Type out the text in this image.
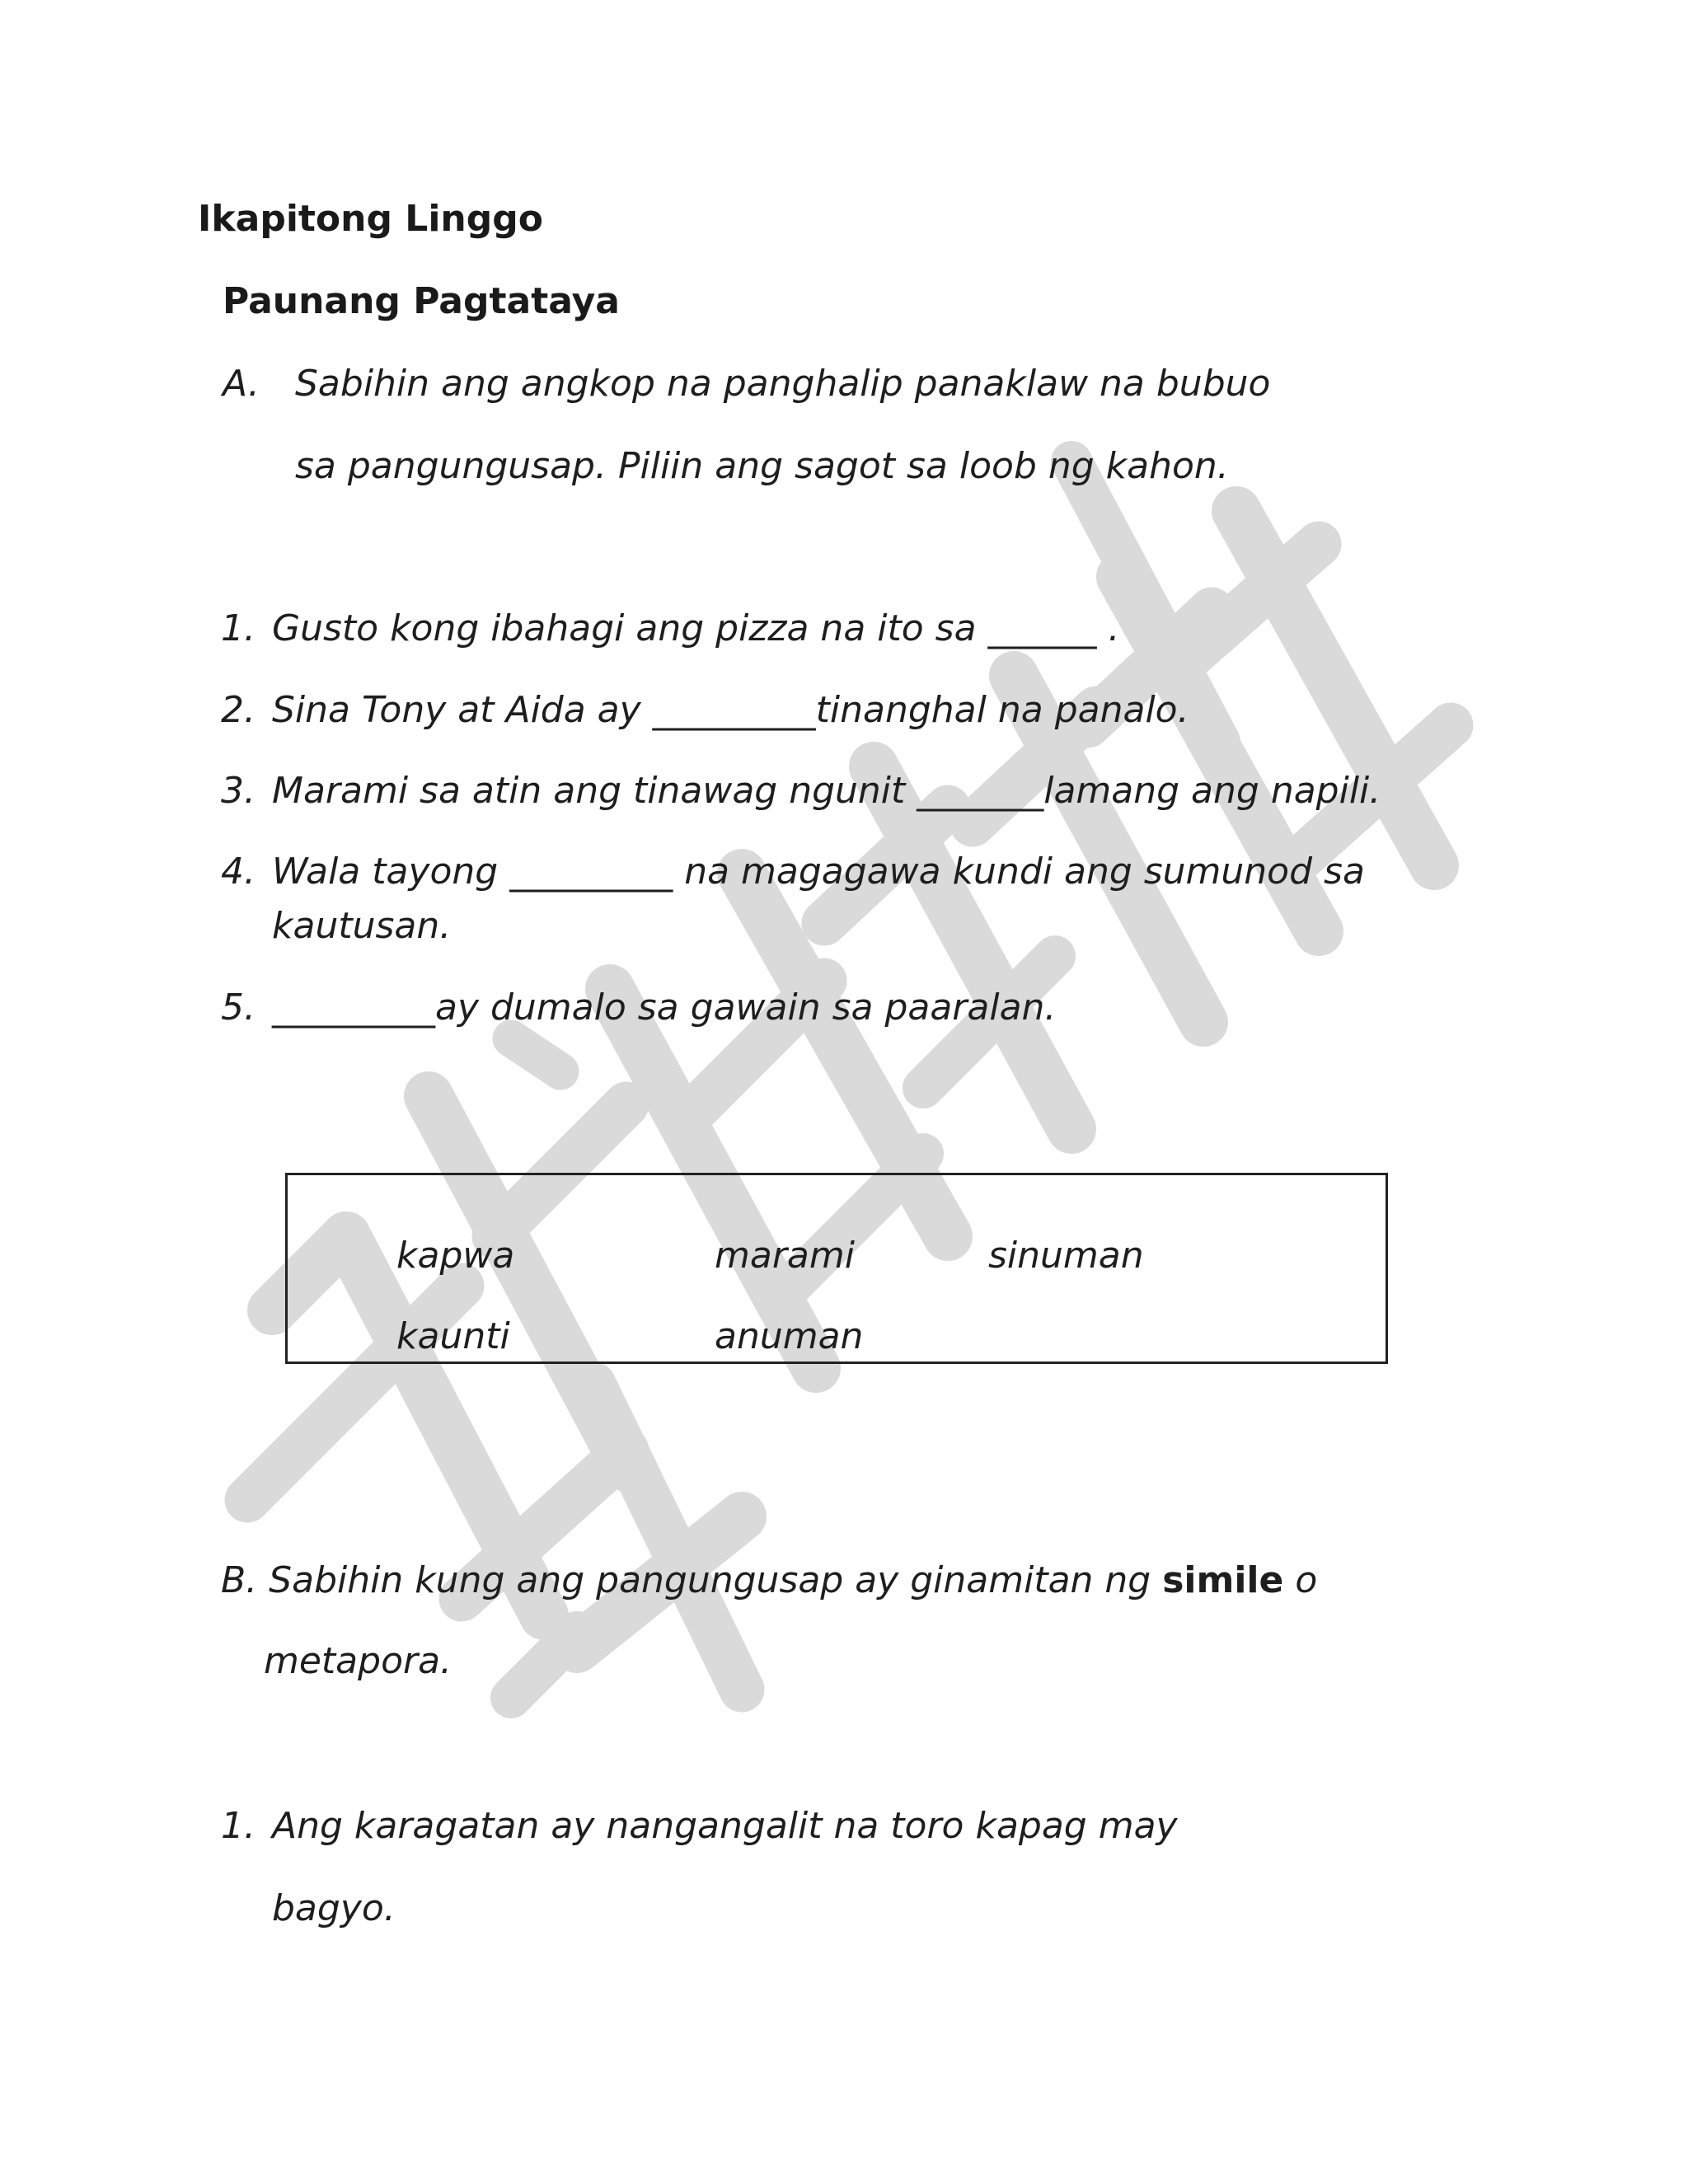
Ikapitong Linggo
Paunang Pagtataya
A. Sabihin ang angkop na panghalip panaklaw na bubuo
sa pangungusap. Piliin ang sagot sa loob ng kahon.
1. Gusto kong ibahagi ang pizza na ito sa ______ .
2. Sina Tony at Aida ay _________tinanghal na panalo.
3. Marami sa atin ang tinawag ngunit _______lamang ang napili.
4. Wala tayong _________ na magagawa kundi ang sumunod sa
kautusan.
5. _________ay dumalo sa gawain sa paaralan.
kapwa	marami	sinuman
kaunti	anuman
B. Sabihin kung ang pangungusap ay ginamitan ng simile o
metapora.
1. Ang karagatan ay nangangalit na toro kapag may
bagyo.
